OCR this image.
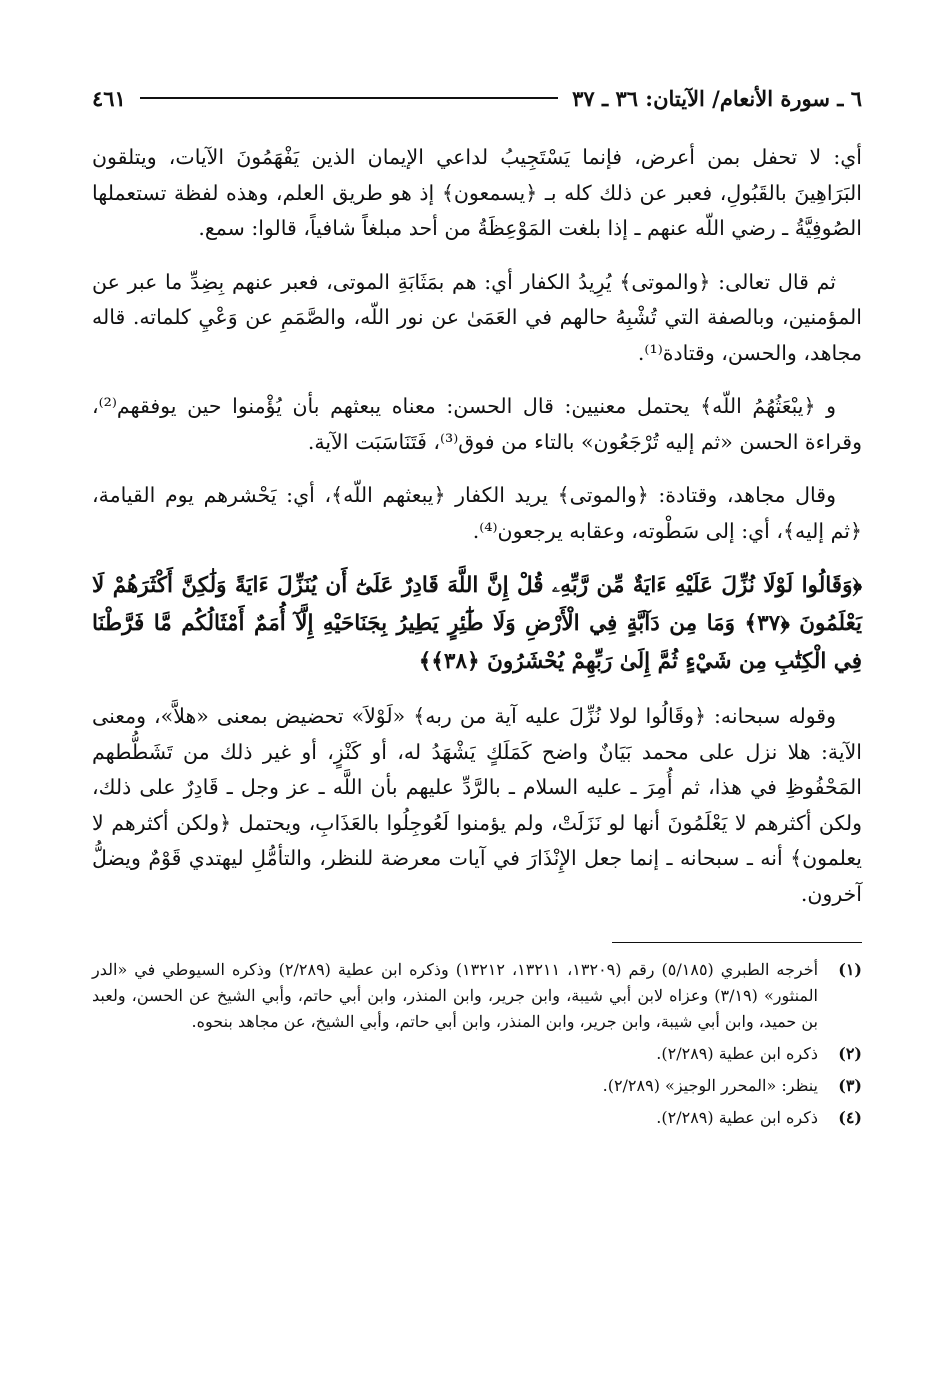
٦ ـ سورة الأنعام/ الآيتان: ٣٦ ـ ٣٧
٤٦١

أي: لا تحفل بمن أعرض، فإنما يَسْتَجِيبُ لداعي الإيمان الذين يَفْهَمُونَ الآيات، ويتلقون البَرَاهِينَ بالقَبُولِ، فعبر عن ذلك كله بـ ﴿يسمعون﴾ إذ هو طريق العلم، وهذه لفظة تستعملها الصُوفِيَّةُ ـ رضي اللّه عنهم ـ إذا بلغت المَوْعِظَةُ من أحد مبلغاً شافياً، قالوا: سمع.

ثم قال تعالى: ﴿والموتى﴾ يُرِيدُ الكفار أي: هم بمَثَابَةِ الموتى، فعبر عنهم بِضِدِّ ما عبر عن المؤمنين، وبالصفة التي تُشْبِهُ حالهم في العَمَىٰ عن نور اللّه، والصَّمَمِ عن وَعْيِ كلماته. قاله مجاهد، والحسن، وقتادة⁽¹⁾.

و ﴿يبْعَثُهُمُ اللّه﴾ يحتمل معنيين: قال الحسن: معناه يبعثهم بأن يُؤْمنوا حين يوفقهم⁽²⁾، وقراءة الحسن «ثم إليه تُرْجَعُون» بالتاء من فوق⁽³⁾، فَتَنَاسَبَت الآية.

وقال مجاهد، وقتادة: ﴿والموتى﴾ يريد الكفار ﴿يبعثهم اللّه﴾، أي: يَحْشرهم يوم القيامة، ﴿ثم إليه﴾، أي: إلى سَطْوته، وعقابه يرجعون⁽⁴⁾.

﴿وَقَالُوا لَوْلَا نُزِّلَ عَلَيْهِ ءَايَةٌ مِّن رَّبِّهِۦ قُلْ إِنَّ اللَّهَ قَادِرٌ عَلَىٰٓ أَن يُنَزِّلَ ءَايَةً وَلَٰكِنَّ أَكْثَرَهُمْ لَا يَعْلَمُونَ ﴿٣٧﴾ وَمَا مِن دَآبَّةٍ فِي الْأَرْضِ وَلَا طَٰٓئِرٍ يَطِيرُ بِجَنَاحَيْهِ إِلَّآ أُمَمٌ أَمْثَالُكُم مَّا فَرَّطْنَا فِي الْكِتَٰبِ مِن شَيْءٍ ثُمَّ إِلَىٰ رَبِّهِمْ يُحْشَرُونَ ﴿٣٨﴾﴾

وقوله سبحانه: ﴿وقَالُوا لولا نُزِّلَ عليه آية من ربه﴾ «لَوْلاَ» تحضيض بمعنى «هلاَّ»، ومعنى الآية: هلا نزل على محمد بَيَانٌ واضح كَمَلَكٍ يَشْهَدُ له، أو كَنْزٍ، أو غير ذلك من تَشَطُّطهم المَحْفُوظِ في هذا، ثم أُمِرَ ـ عليه السلام ـ بالرَّدِّ عليهم بأن اللَّه ـ عز وجل ـ قَادِرٌ على ذلك، ولكن أكثرهم لا يَعْلَمُونَ أنها لو نَزَلَتْ، ولم يؤمنوا لَعُوجِلُوا بالعَذَابِ، ويحتمل ﴿ولكن أكثرهم لا يعلمون﴾ أنه ـ سبحانه ـ إنما جعل الإِنْذَارَ في آيات معرضة للنظر، والتأمُّلِ ليهتدي قَوْمٌ ويضلُّ آخرون.

(١)
أخرجه الطبري (٥/١٨٥) رقم (١٣٢٠٩، ١٣٢١١، ١٣٢١٢) وذكره ابن عطية (٢/٢٨٩) وذكره السيوطي في «الدر المنثور» (٣/١٩) وعزاه لابن أبي شيبة، وابن جرير، وابن المنذر، وابن أبي حاتم، وأبي الشيخ عن الحسن، ولعبد بن حميد، وابن أبي شيبة، وابن جرير، وابن المنذر، وابن أبي حاتم، وأبي الشيخ، عن مجاهد بنحوه.
(٢)
ذكره ابن عطية (٢/٢٨٩).
(٣)
ينظر: «المحرر الوجيز» (٢/٢٨٩).
(٤)
ذكره ابن عطية (٢/٢٨٩).
